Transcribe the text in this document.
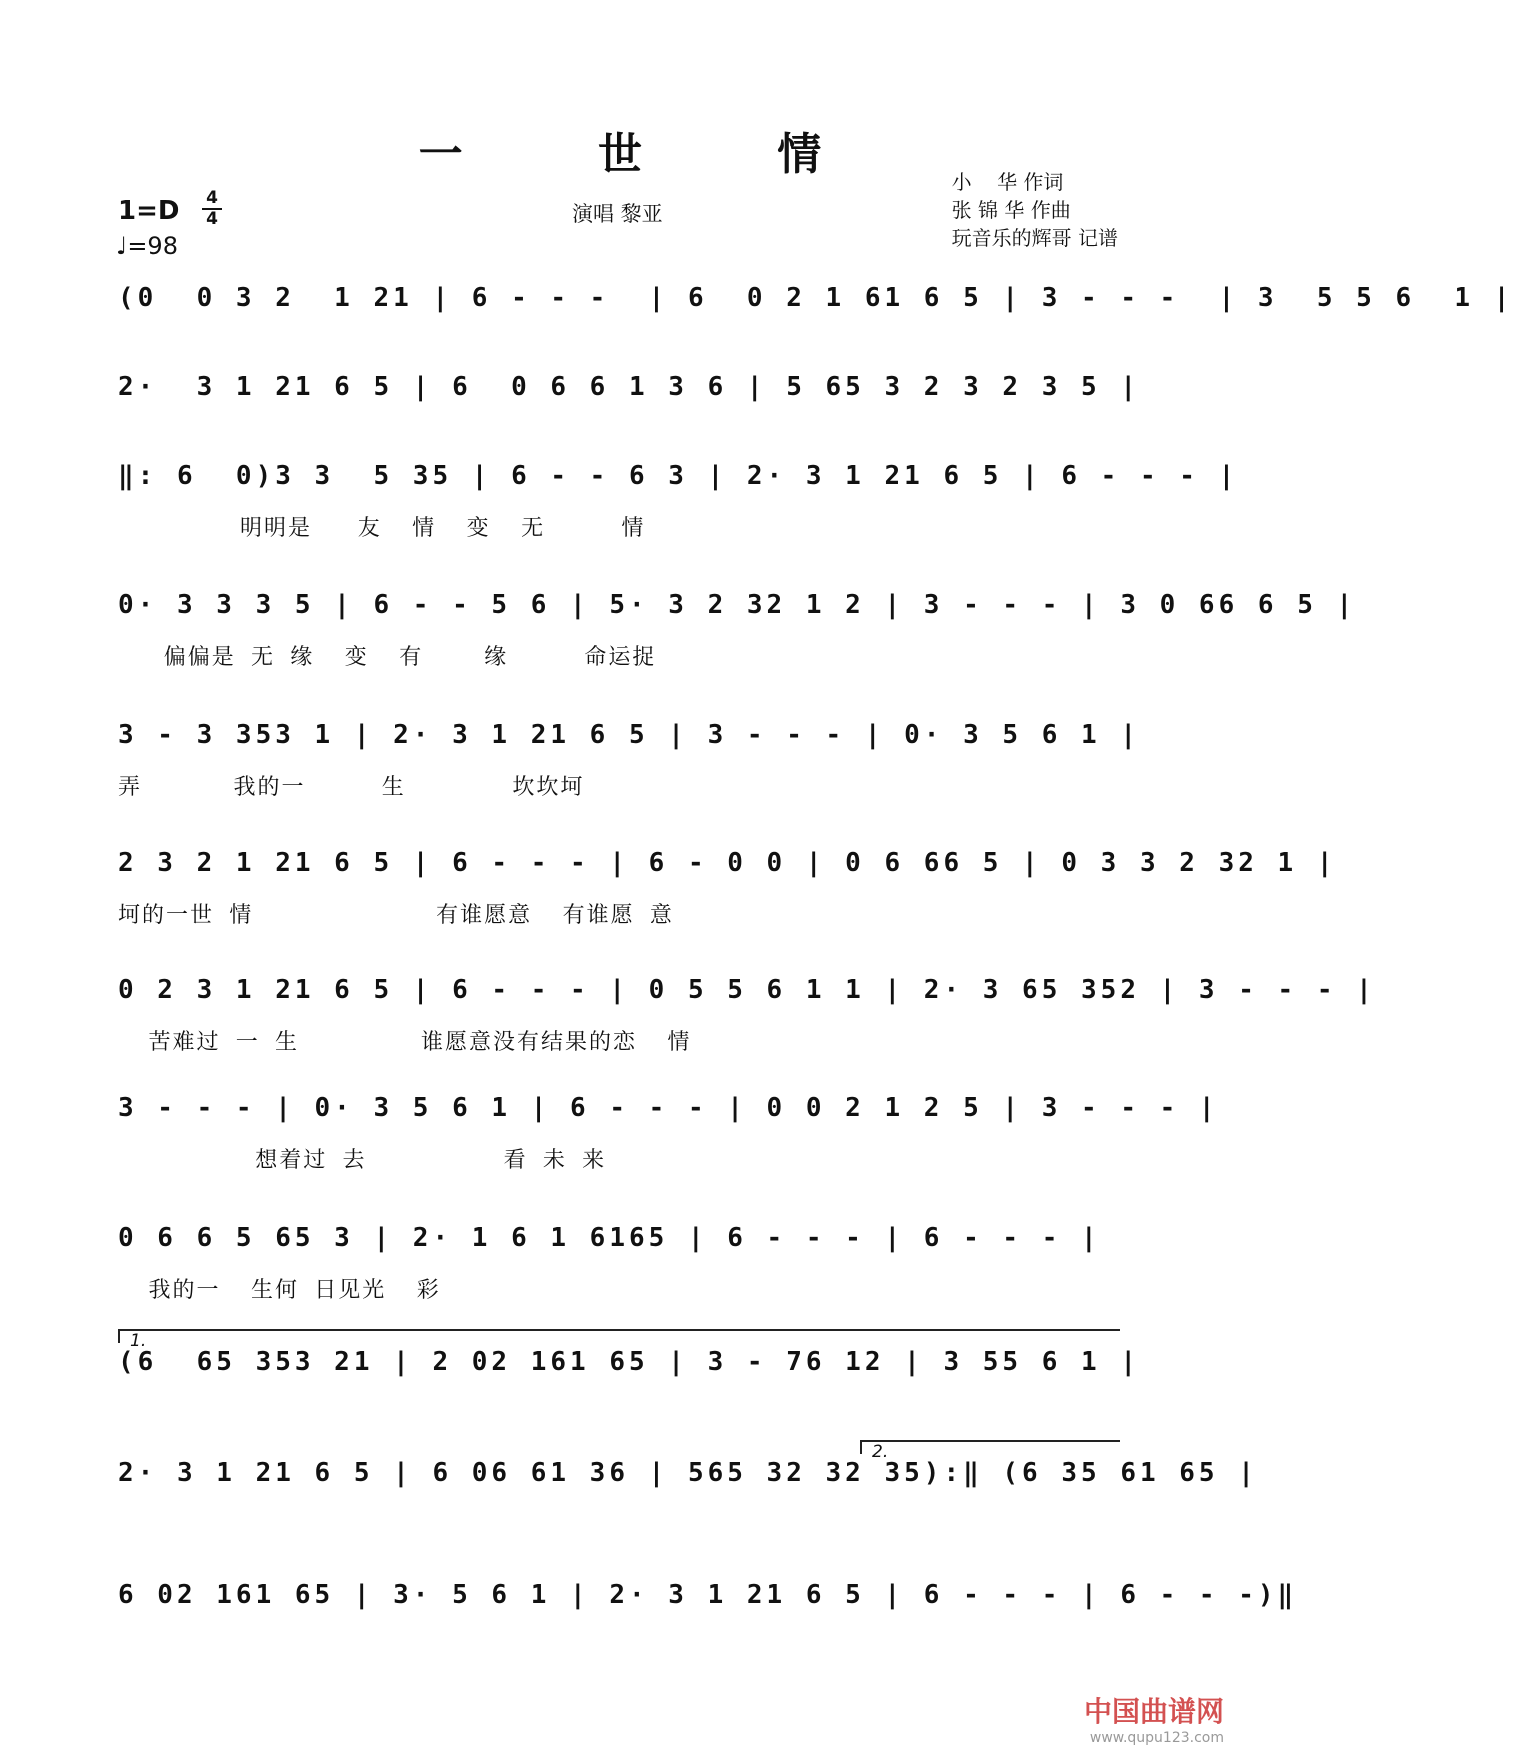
一 世 情
1=D 4
4
♩=98
演唱 黎亚
小    华 作词
张 锦 华 作曲
玩音乐的辉哥 记谱
(0  0 3 2  1 21 | 6 - - -  | 6  0 2 1 61 6 5 | 3 - - -  | 3  5 5 6  1 |
2·  3 1 21 6 5 | 6  0 6 6 1 3 6 | 5 65 3 2 3 2 3 5 |
‖: 6  0)3 3  5 35 | 6 - - 6 3 | 2· 3 1 21 6 5 | 6 - - - |
明明是   友  情  变  无     情
0· 3 3 3 5 | 6 - - 5 6 | 5· 3 2 32 1 2 | 3 - - - | 3 0 66 6 5 |
偏偏是 无 缘  变  有    缘     命运捉
3 - 3 353 1 | 2· 3 1 21 6 5 | 3 - - - | 0· 3 5 6 1 |
弄      我的一     生       坎坎坷
2 3 2 1 21 6 5 | 6 - - - | 6 - 0 0 | 0 6 66 5 | 0 3 3 2 32 1 |
坷的一世 情            有谁愿意  有谁愿 意
0 2 3 1 21 6 5 | 6 - - - | 0 5 5 6 1 1 | 2· 3 65 352 | 3 - - - |
苦难过 一 生        谁愿意没有结果的恋  情
3 - - - | 0· 3 5 6 1 | 6 - - - | 0 0 2 1 2 5 | 3 - - - |
想着过 去         看 未 来
0 6 6 5 65 3 | 2· 1 6 1 6165 | 6 - - - | 6 - - - |
我的一  生何 日见光  彩
(6  65 353 21 | 2 02 161 65 | 3 - 76 12 | 3 55 6 1 |
1.
2· 3 1 21 6 5 | 6 06 61 36 | 565 32 32 35):‖ (6 35 61 65 |
2.
6 02 161 65 | 3· 5 6 1 | 2· 3 1 21 6 5 | 6 - - - | 6 - - -)‖
中国曲谱网
www.qupu123.com
